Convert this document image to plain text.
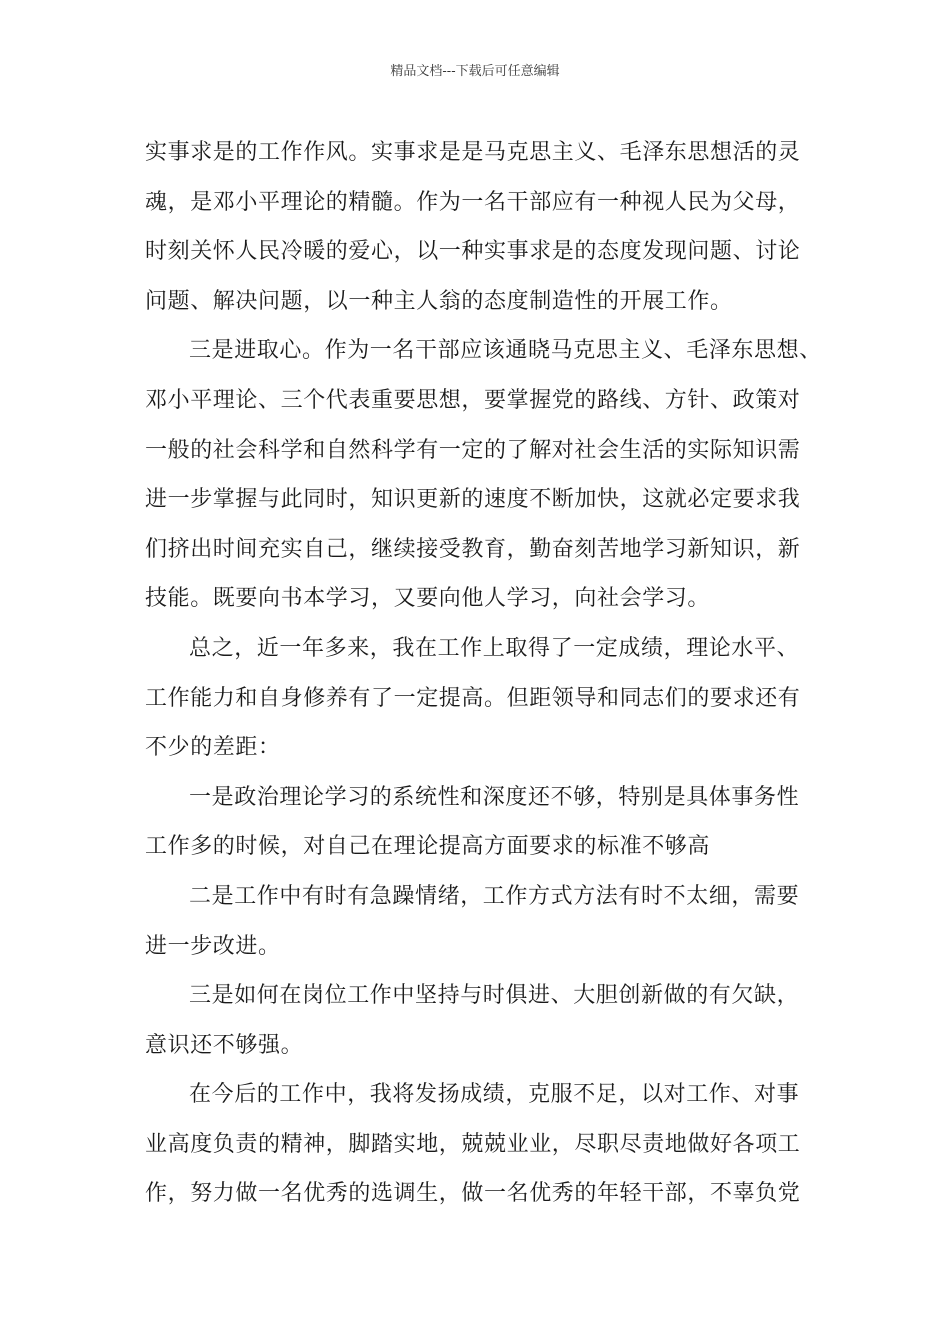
精品文档---下载后可任意编辑
实事求是的工作作风。实事求是是马克思主义、毛泽东思想活的灵
魂，是邓小平理论的精髓。作为一名干部应有一种视人民为父母，
时刻关怀人民冷暖的爱心，以一种实事求是的态度发现问题、讨论
问题、解决问题，以一种主人翁的态度制造性的开展工作。
三是进取心。作为一名干部应该通晓马克思主义、毛泽东思想、
邓小平理论、三个代表重要思想，要掌握党的路线、方针、政策对
一般的社会科学和自然科学有一定的了解对社会生活的实际知识需
进一步掌握与此同时，知识更新的速度不断加快，这就必定要求我
们挤出时间充实自己，继续接受教育，勤奋刻苦地学习新知识，新
技能。既要向书本学习，又要向他人学习，向社会学习。
总之，近一年多来，我在工作上取得了一定成绩，理论水平、
工作能力和自身修养有了一定提高。但距领导和同志们的要求还有
不少的差距：
一是政治理论学习的系统性和深度还不够，特别是具体事务性
工作多的时候，对自己在理论提高方面要求的标准不够高
二是工作中有时有急躁情绪，工作方式方法有时不太细，需要
进一步改进。
三是如何在岗位工作中坚持与时俱进、大胆创新做的有欠缺，
意识还不够强。
在今后的工作中，我将发扬成绩，克服不足，以对工作、对事
业高度负责的精神，脚踏实地，兢兢业业，尽职尽责地做好各项工
作，努力做一名优秀的选调生，做一名优秀的年轻干部，不辜负党
